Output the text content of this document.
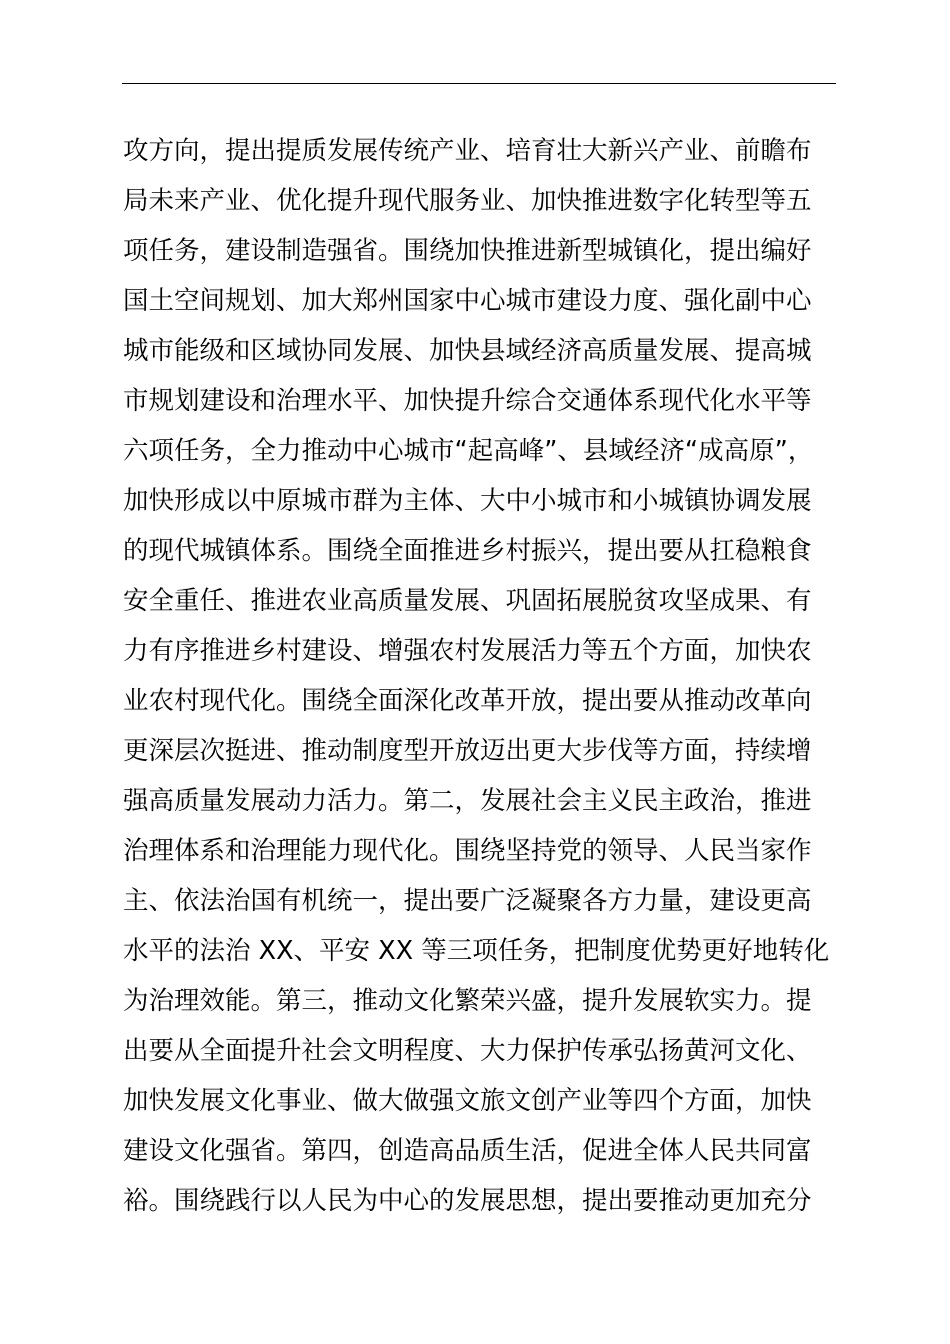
攻方向，提出提质发展传统产业、培育壮大新兴产业、前瞻布
局未来产业、优化提升现代服务业、加快推进数字化转型等五
项任务，建设制造强省。围绕加快推进新型城镇化，提出编好
国土空间规划、加大郑州国家中心城市建设力度、强化副中心
城市能级和区域协同发展、加快县域经济高质量发展、提高城
市规划建设和治理水平、加快提升综合交通体系现代化水平等
六项任务，全力推动中心城市“起高峰”、县域经济“成高原”，
加快形成以中原城市群为主体、大中小城市和小城镇协调发展
的现代城镇体系。围绕全面推进乡村振兴，提出要从扛稳粮食
安全重任、推进农业高质量发展、巩固拓展脱贫攻坚成果、有
力有序推进乡村建设、增强农村发展活力等五个方面，加快农
业农村现代化。围绕全面深化改革开放，提出要从推动改革向
更深层次挺进、推动制度型开放迈出更大步伐等方面，持续增
强高质量发展动力活力。第二，发展社会主义民主政治，推进
治理体系和治理能力现代化。围绕坚持党的领导、人民当家作
主、依法治国有机统一，提出要广泛凝聚各方力量，建设更高
水平的法治 XX、平安 XX 等三项任务，把制度优势更好地转化
为治理效能。第三，推动文化繁荣兴盛，提升发展软实力。提
出要从全面提升社会文明程度、大力保护传承弘扬黄河文化、
加快发展文化事业、做大做强文旅文创产业等四个方面，加快
建设文化强省。第四，创造高品质生活，促进全体人民共同富
裕。围绕践行以人民为中心的发展思想，提出要推动更加充分
